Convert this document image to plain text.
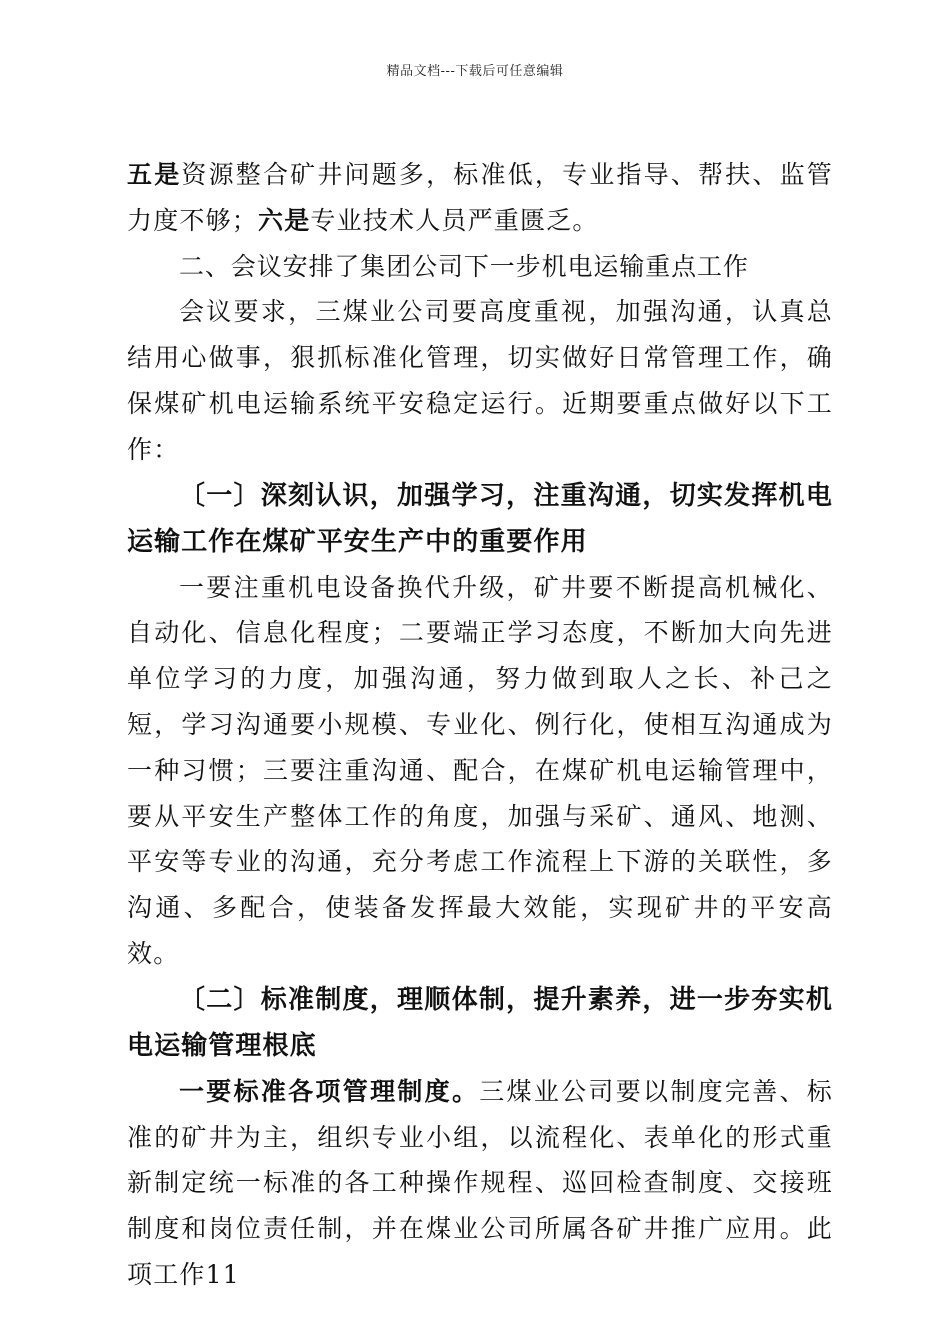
精品文档---下载后可任意编辑

五是资源整合矿井问题多，标准低，专业指导、帮扶、监管力度不够；六是专业技术人员严重匮乏。

二、会议安排了集团公司下一步机电运输重点工作

会议要求，三煤业公司要高度重视，加强沟通，认真总结用心做事，狠抓标准化管理，切实做好日常管理工作，确保煤矿机电运输系统平安稳定运行。近期要重点做好以下工作：

〔一〕深刻认识，加强学习，注重沟通，切实发挥机电运输工作在煤矿平安生产中的重要作用

一要注重机电设备换代升级，矿井要不断提高机械化、自动化、信息化程度；二要端正学习态度，不断加大向先进单位学习的力度，加强沟通，努力做到取人之长、补己之短，学习沟通要小规模、专业化、例行化，使相互沟通成为一种习惯；三要注重沟通、配合，在煤矿机电运输管理中，要从平安生产整体工作的角度，加强与采矿、通风、地测、平安等专业的沟通，充分考虑工作流程上下游的关联性，多沟通、多配合，使装备发挥最大效能，实现矿井的平安高效。

〔二〕标准制度，理顺体制，提升素养，进一步夯实机电运输管理根底

一要标准各项管理制度。三煤业公司要以制度完善、标准的矿井为主，组织专业小组，以流程化、表单化的形式重新制定统一标准的各工种操作规程、巡回检查制度、交接班制度和岗位责任制，并在煤业公司所属各矿井推广应用。此项工作11
